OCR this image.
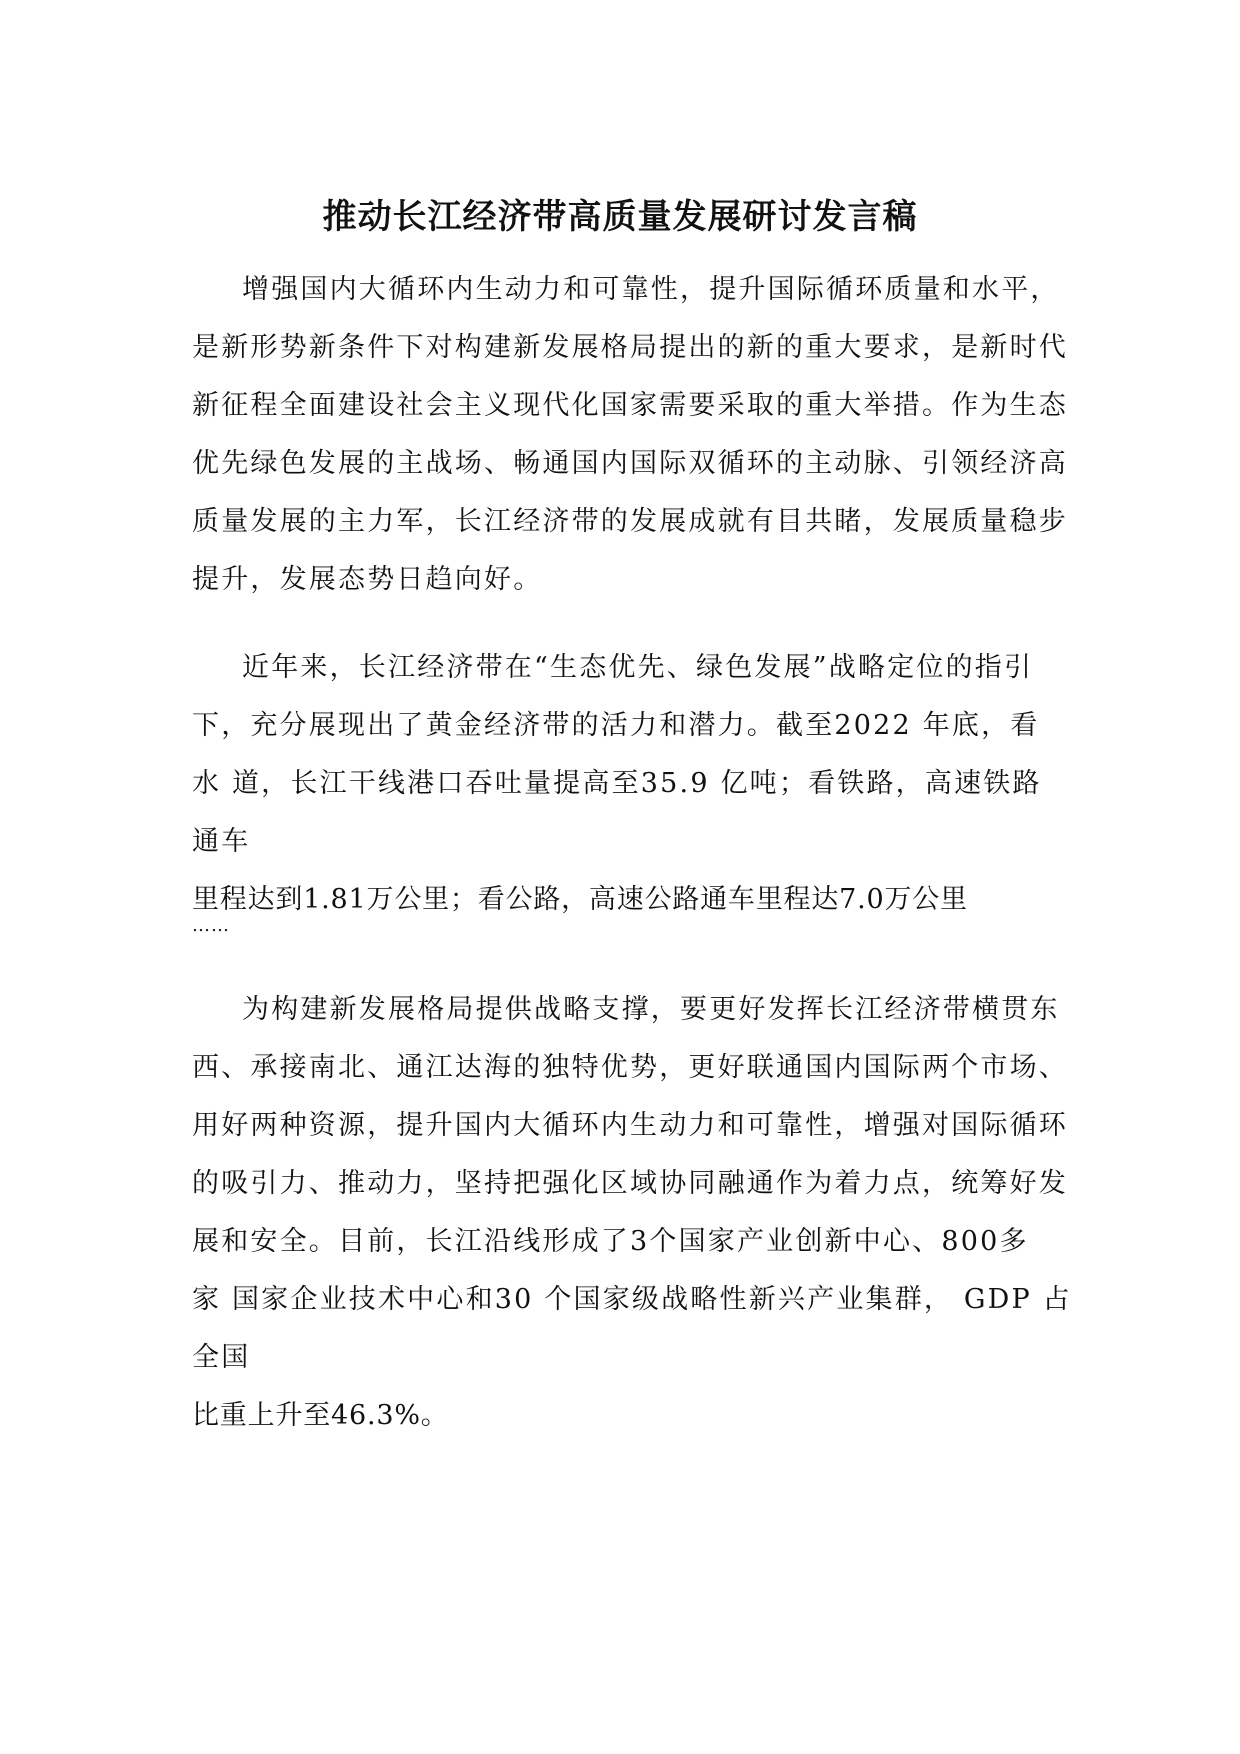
推动长江经济带高质量发展研讨发言稿
增强国内大循环内生动力和可靠性，提升国际循环质量和水平，
是新形势新条件下对构建新发展格局提出的新的重大要求，是新时代
新征程全面建设社会主义现代化国家需要采取的重大举措。作为生态
优先绿色发展的主战场、畅通国内国际双循环的主动脉、引领经济高
质量发展的主力军，长江经济带的发展成就有目共睹，发展质量稳步
提升，发展态势日趋向好。
近年来，长江经济带在“生态优先、绿色发展”战略定位的指引
下，充分展现出了黄金经济带的活力和潜力。截至2022 年底，看
水 道，长江干线港口吞吐量提高至35.9 亿吨；看铁路，高速铁路
通车
里程达到1.81万公里；看公路，高速公路通车里程达7.0万公里
……
为构建新发展格局提供战略支撑，要更好发挥长江经济带横贯东
西、承接南北、通江达海的独特优势，更好联通国内国际两个市场、
用好两种资源，提升国内大循环内生动力和可靠性，增强对国际循环
的吸引力、推动力，坚持把强化区域协同融通作为着力点，统筹好发
展和安全。目前，长江沿线形成了3个国家产业创新中心、800多
家 国家企业技术中心和30 个国家级战略性新兴产业集群， GDP 占
全国
比重上升至46.3%。
